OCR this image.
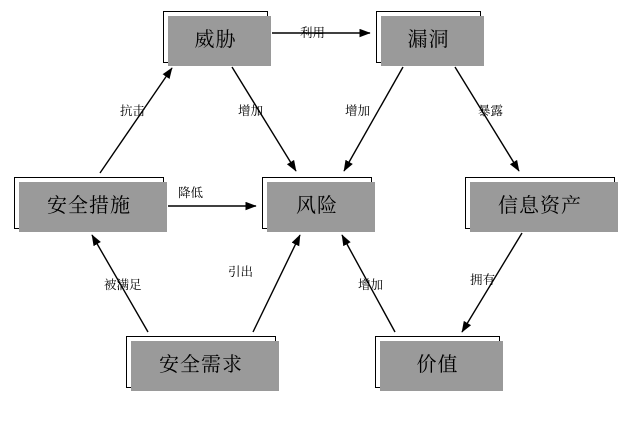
威胁	漏洞
安全措施	风险	信息资产
安全需求	价值
利用
增加
抗击	增加	暴露
降低
被满足
引出
增加	拥有
